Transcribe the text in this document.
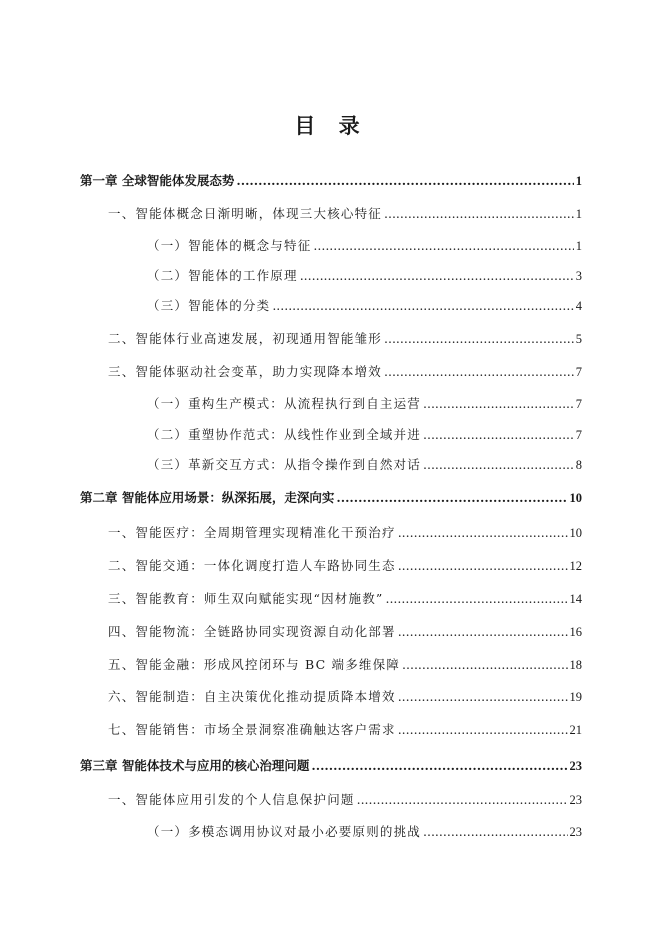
目 录
第一章 全球智能体发展态势 .....	1
一、智能体概念日渐明晰，体现三大核心特征 .....	1
（一）智能体的概念与特征 .....	1
（二）智能体的工作原理 .....	3
（三）智能体的分类 .....	4
二、智能体行业高速发展，初现通用智能雏形 .....	5
三、智能体驱动社会变革，助力实现降本增效 .....	7
（一）重构生产模式：从流程执行到自主运营 .....	7
（二）重塑协作范式：从线性作业到全域并进 .....	7
（三）革新交互方式：从指令操作到自然对话 .....	8
第二章 智能体应用场景：纵深拓展，走深向实 .....	10
一、智能医疗：全周期管理实现精准化干预治疗 .....	10
二、智能交通：一体化调度打造人车路协同生态 .....	12
三、智能教育：师生双向赋能实现“因材施教” .....	14
四、智能物流：全链路协同实现资源自动化部署 .....	16
五、智能金融：形成风控闭环与 BC 端多维保障 .....	18
六、智能制造：自主决策优化推动提质降本增效 .....	19
七、智能销售：市场全景洞察准确触达客户需求 .....	21
第三章 智能体技术与应用的核心治理问题 .....	23
一、智能体应用引发的个人信息保护问题 .....	23
（一）多模态调用协议对最小必要原则的挑战 .....	23
